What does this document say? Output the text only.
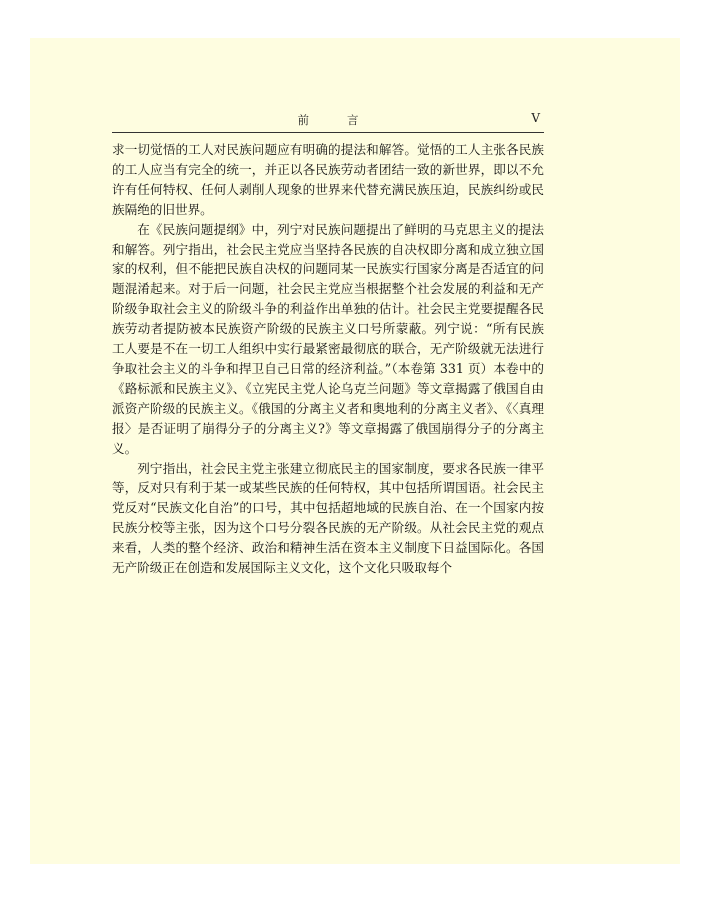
前	言	V

求一切觉悟的工人对民族问题应有明确的提法和解答。觉悟的工人主张各民族的工人应当有完全的统一，并正以各民族劳动者团结一致的新世界，即以不允许有任何特权、任何人剥削人现象的世界来代替充满民族压迫，民族纠纷或民族隔绝的旧世界。

在《民族问题提纲》中，列宁对民族问题提出了鲜明的马克思主义的提法和解答。列宁指出，社会民主党应当坚持各民族的自决权即分离和成立独立国家的权利，但不能把民族自决权的问题同某一民族实行国家分离是否适宜的问题混淆起来。对于后一问题，社会民主党应当根据整个社会发展的利益和无产阶级争取社会主义的阶级斗争的利益作出单独的估计。社会民主党要提醒各民族劳动者提防被本民族资产阶级的民族主义口号所蒙蔽。列宁说：“所有民族工人要是不在一切工人组织中实行最紧密最彻底的联合，无产阶级就无法进行争取社会主义的斗争和捍卫自己日常的经济利益。”（本卷第 331 页）本卷中的《路标派和民族主义》、《立宪民主党人论乌克兰问题》等文章揭露了俄国自由派资产阶级的民族主义。《俄国的分离主义者和奥地利的分离主义者》、《〈真理报〉是否证明了崩得分子的分离主义?》等文章揭露了俄国崩得分子的分离主义。

列宁指出，社会民主党主张建立彻底民主的国家制度，要求各民族一律平等，反对只有利于某一或某些民族的任何特权，其中包括所谓国语。社会民主党反对“民族文化自治”的口号，其中包括超地域的民族自治、在一个国家内按民族分校等主张，因为这个口号分裂各民族的无产阶级。从社会民主党的观点来看，人类的整个经济、政治和精神生活在资本主义制度下日益国际化。各国无产阶级正在创造和发展国际主义文化，这个文化只吸取每个
